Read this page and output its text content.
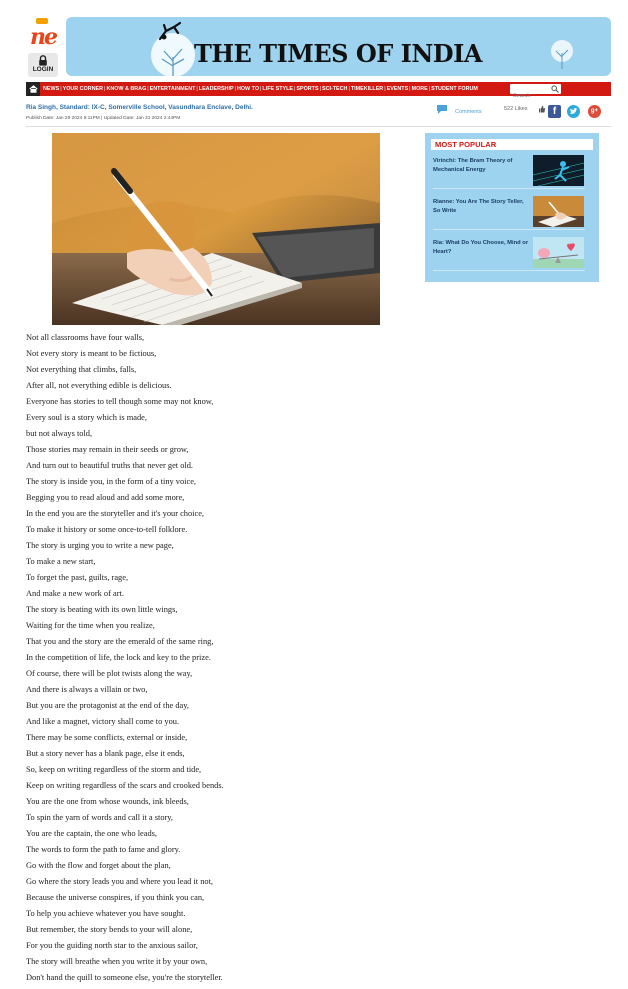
ne
LOGIN
THE TIMES OF INDIA
NEWS | YOUR CORNER | KNOW & BRAG | ENTERTAINMENT | LEADERSHIP | HOW TO | LIFE STYLE | SPORTS | SCI-TECH | TIMEKILLER | EVENTS | MORE | STUDENT FORUM
Search
Ria Singh, Standard: IX-C, Somerville School, Vasundhara Enclave, Delhi.
Publish Date: Jan 29 2024 9:11PM | Updated Date: Jan 31 2024 2:44PM
Comments	522 Likes	f	g+
Not all classrooms have four walls,
Not every story is meant to be fictious,
Not everything that climbs, falls,
After all, not everything edible is delicious.
Everyone has stories to tell though some may not know,
Every soul is a story which is made,
but not always told,
Those stories may remain in their seeds or grow,
And turn out to beautiful truths that never get old.
The story is inside you, in the form of a tiny voice,
Begging you to read aloud and add some more,
In the end you are the storyteller and it's your choice,
To make it history or some once-to-tell folklore.
The story is urging you to write a new page,
To make a new start,
To forget the past, guilts, rage,
And make a new work of art.
The story is beating with its own little wings,
Waiting for the time when you realize,
That you and the story are the emerald of the same ring,
In the competition of life, the lock and key to the prize.
Of course, there will be plot twists along the way,
And there is always a villain or two,
But you are the protagonist at the end of the day,
And like a magnet, victory shall come to you.
There may be some conflicts, external or inside,
But a story never has a blank page, else it ends,
So, keep on writing regardless of the storm and tide,
Keep on writing regardless of the scars and crooked bends.
You are the one from whose wounds, ink bleeds,
To spin the yarn of words and call it a story,
You are the captain, the one who leads,
The words to form the path to fame and glory.
Go with the flow and forget about the plan,
Go where the story leads you and where you lead it not,
Because the universe conspires, if you think you can,
To help you achieve whatever you have sought.
But remember, the story bends to your will alone,
For you the guiding north star to the anxious sailor,
The story will breathe when you write it by your own,
Don't hand the quill to someone else, you're the storyteller.
MOST POPULAR
Virinchi: The Bram Theory of Mechanical Energy
Rianne: You Are The Story Teller, So Write
Ria: What Do You Choose, Mind or Heart?
